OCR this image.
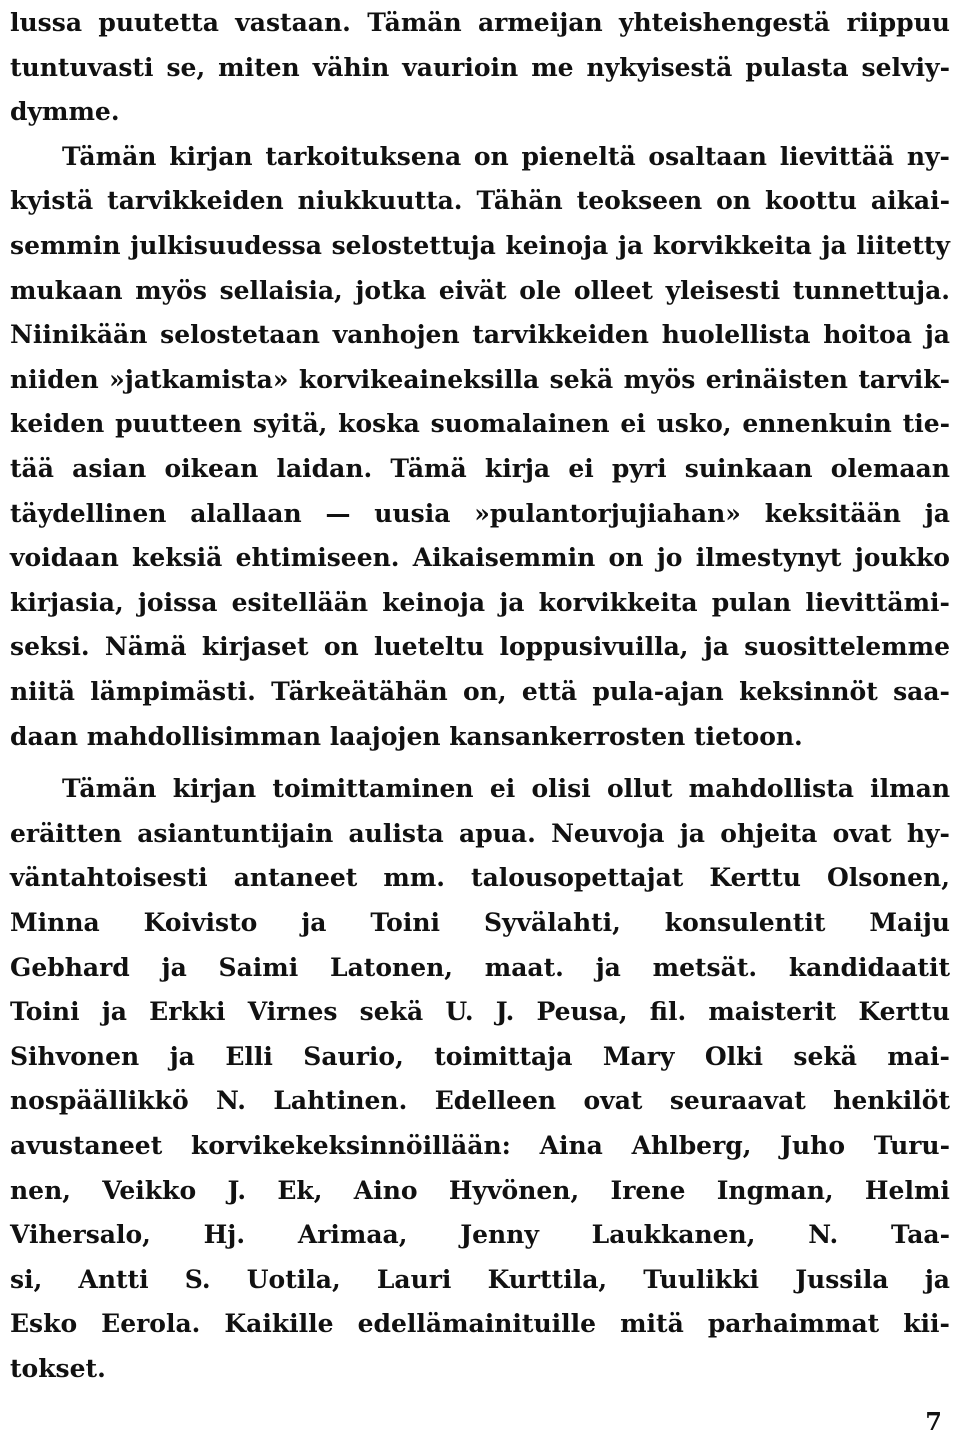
lussa puutetta vastaan. Tämän armeijan yhteishengestä riippuu
tuntuvasti se, miten vähin vaurioin me nykyisestä pulasta selviy-
dymme.
Tämän kirjan tarkoituksena on pieneltä osaltaan lievittää ny-
kyistä tarvikkeiden niukkuutta. Tähän teokseen on koottu aikai-
semmin julkisuudessa selostettuja keinoja ja korvikkeita ja liitetty
mukaan myös sellaisia, jotka eivät ole olleet yleisesti tunnettuja.
Niinikään selostetaan vanhojen tarvikkeiden huolellista hoitoa ja
niiden »jatkamista» korvikeaineksilla sekä myös erinäisten tarvik-
keiden puutteen syitä, koska suomalainen ei usko, ennenkuin tie-
tää asian oikean laidan. Tämä kirja ei pyri suinkaan olemaan
täydellinen alallaan — uusia »pulantorjujiahan» keksitään ja
voidaan keksiä ehtimiseen. Aikaisemmin on jo ilmestynyt joukko
kirjasia, joissa esitellään keinoja ja korvikkeita pulan lievittämi-
seksi. Nämä kirjaset on lueteltu loppusivuilla, ja suosittelemme
niitä lämpimästi. Tärkeätähän on, että pula-ajan keksinnöt saa-
daan mahdollisimman laajojen kansankerrosten tietoon.
Tämän kirjan toimittaminen ei olisi ollut mahdollista ilman
eräitten asiantuntijain aulista apua. Neuvoja ja ohjeita ovat hy-
väntahtoisesti antaneet mm. talousopettajat Kerttu Olsonen,
Minna Koivisto ja Toini Syvälahti, konsulentit Maiju
Gebhard ja Saimi Latonen, maat. ja metsät. kandidaatit
Toini ja Erkki Virnes sekä U. J. Peusa, fil. maisterit Kerttu
Sihvonen ja Elli Saurio, toimittaja Mary Olki sekä mai-
nospäällikkö N. Lahtinen. Edelleen ovat seuraavat henkilöt
avustaneet korvikekeksinnöillään: Aina Ahlberg, Juho Turu-
nen, Veikko J. Ek, Aino Hyvönen, Irene Ingman, Helmi
Vihersalo, Hj. Arimaa, Jenny Laukkanen, N. Taa-
si, Antti S. Uotila, Lauri Kurttila, Tuulikki Jussila ja
Esko Eerola. Kaikille edellämainituille mitä parhaimmat kii-
tokset.
7
